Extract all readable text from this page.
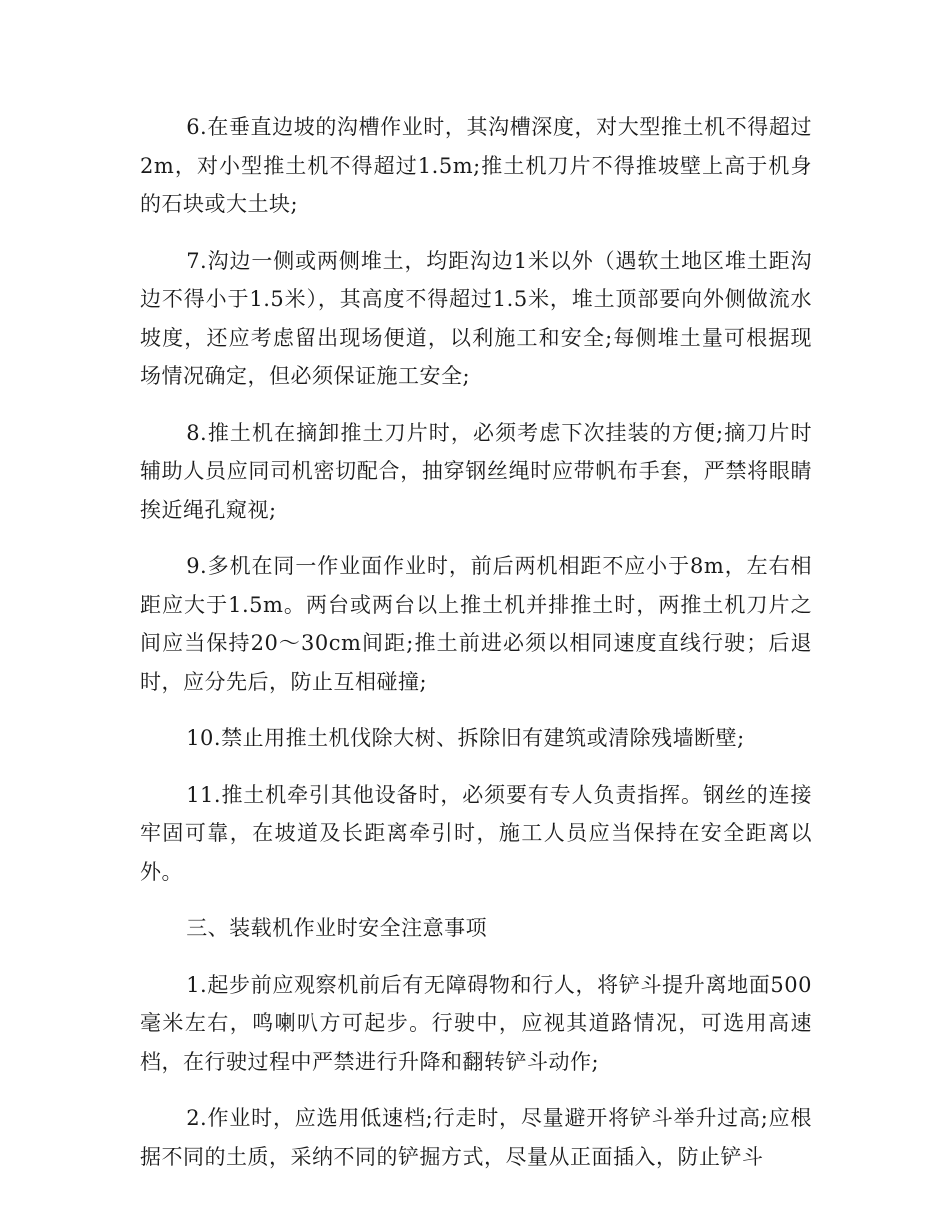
6.在垂直边坡的沟槽作业时，其沟槽深度，对大型推土机不得超过2m，对小型推土机不得超过1.5m;推土机刀片不得推坡壁上高于机身的石块或大土块;

7.沟边一侧或两侧堆土，均距沟边1米以外（遇软土地区堆土距沟边不得小于1.5米），其高度不得超过1.5米，堆土顶部要向外侧做流水坡度，还应考虑留出现场便道，以利施工和安全;每侧堆土量可根据现场情况确定，但必须保证施工安全;

8.推土机在摘卸推土刀片时，必须考虑下次挂装的方便;摘刀片时辅助人员应同司机密切配合，抽穿钢丝绳时应带帆布手套，严禁将眼睛挨近绳孔窥视;

9.多机在同一作业面作业时，前后两机相距不应小于8m，左右相距应大于1.5m。两台或两台以上推土机并排推土时，两推土机刀片之间应当保持20～30cm间距;推土前进必须以相同速度直线行驶；后退时，应分先后，防止互相碰撞;

10.禁止用推土机伐除大树、拆除旧有建筑或清除残墙断壁;

11.推土机牵引其他设备时，必须要有专人负责指挥。钢丝的连接牢固可靠，在坡道及长距离牵引时，施工人员应当保持在安全距离以外。

三、装载机作业时安全注意事项

1.起步前应观察机前后有无障碍物和行人，将铲斗提升离地面500毫米左右，鸣喇叭方可起步。行驶中，应视其道路情况，可选用高速档，在行驶过程中严禁进行升降和翻转铲斗动作;

2.作业时，应选用低速档;行走时，尽量避开将铲斗举升过高;应根据不同的土质，采纳不同的铲掘方式，尽量从正面插入，防止铲斗
